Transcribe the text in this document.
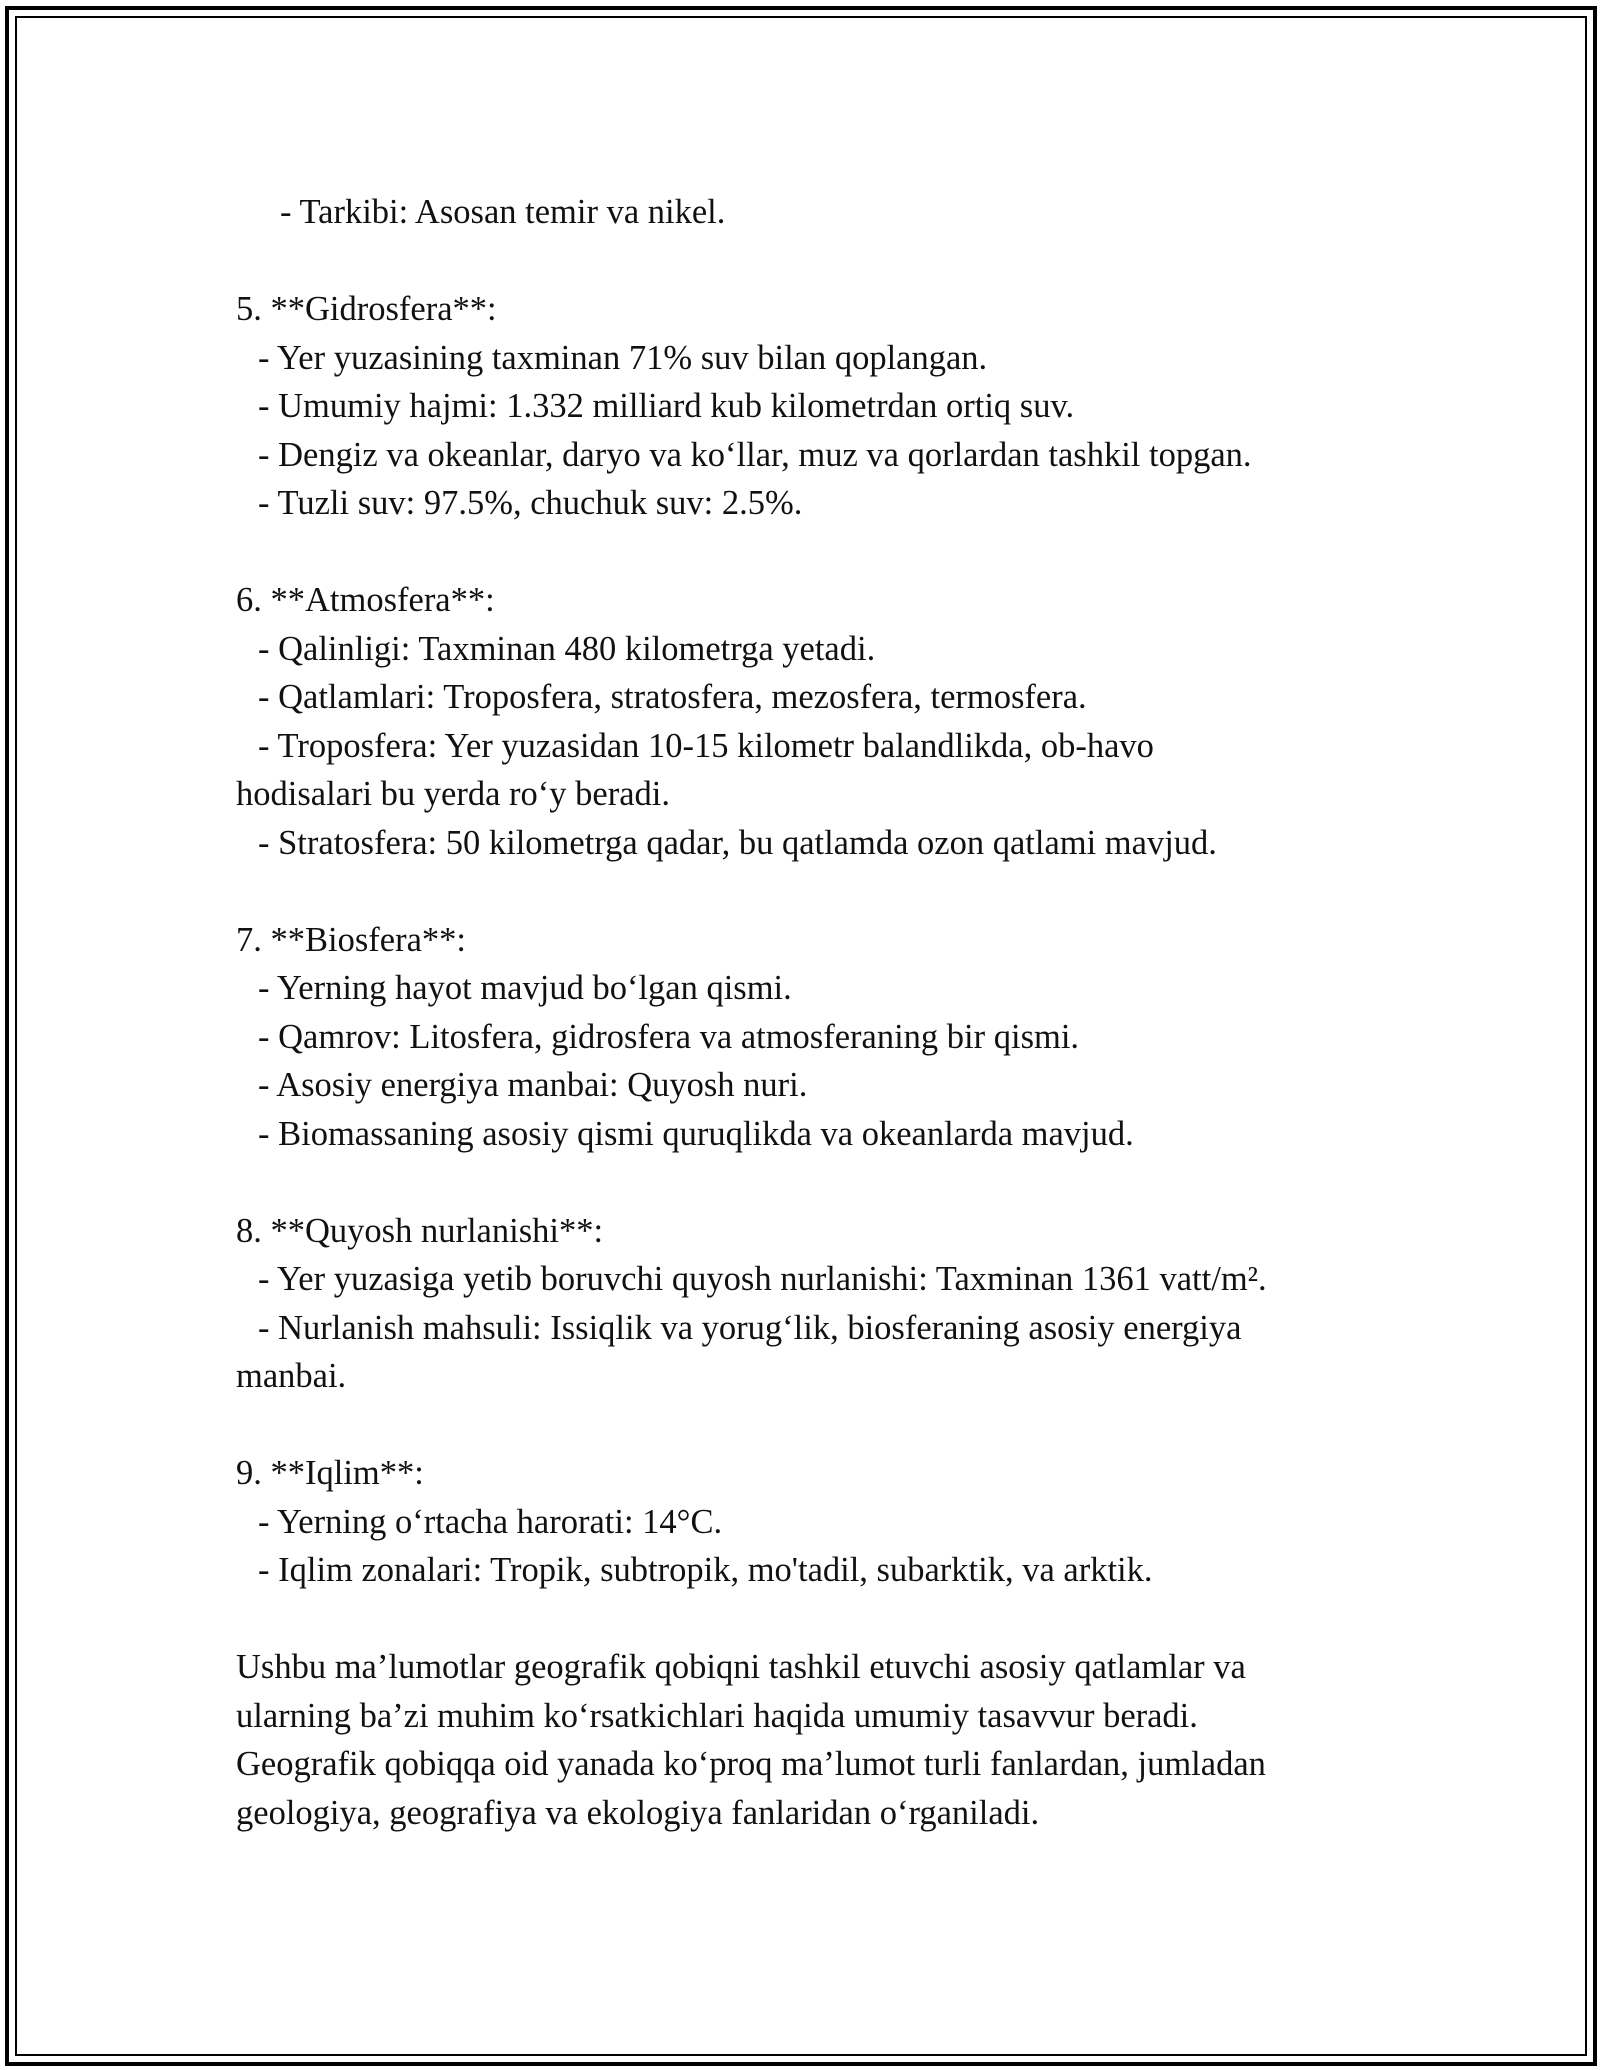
- Tarkibi: Asosan temir va nikel.
5. **Gidrosfera**:
- Yer yuzasining taxminan 71% suv bilan qoplangan.
- Umumiy hajmi: 1.332 milliard kub kilometrdan ortiq suv.
- Dengiz va okeanlar, daryo va ko‘llar, muz va qorlardan tashkil topgan.
- Tuzli suv: 97.5%, chuchuk suv: 2.5%.
6. **Atmosfera**:
- Qalinligi: Taxminan 480 kilometrga yetadi.
- Qatlamlari: Troposfera, stratosfera, mezosfera, termosfera.
- Troposfera: Yer yuzasidan 10-15 kilometr balandlikda, ob-havo
hodisalari bu yerda ro‘y beradi.
- Stratosfera: 50 kilometrga qadar, bu qatlamda ozon qatlami mavjud.
7. **Biosfera**:
- Yerning hayot mavjud bo‘lgan qismi.
- Qamrov: Litosfera, gidrosfera va atmosferaning bir qismi.
- Asosiy energiya manbai: Quyosh nuri.
- Biomassaning asosiy qismi quruqlikda va okeanlarda mavjud.
8. **Quyosh nurlanishi**:
- Yer yuzasiga yetib boruvchi quyosh nurlanishi: Taxminan 1361 vatt/m².
- Nurlanish mahsuli: Issiqlik va yorug‘lik, biosferaning asosiy energiya
manbai.
9. **Iqlim**:
- Yerning o‘rtacha harorati: 14°C.
- Iqlim zonalari: Tropik, subtropik, mo'tadil, subarktik, va arktik.
Ushbu ma’lumotlar geografik qobiqni tashkil etuvchi asosiy qatlamlar va
ularning ba’zi muhim ko‘rsatkichlari haqida umumiy tasavvur beradi.
Geografik qobiqqa oid yanada ko‘proq ma’lumot turli fanlardan, jumladan
geologiya, geografiya va ekologiya fanlaridan o‘rganiladi.
